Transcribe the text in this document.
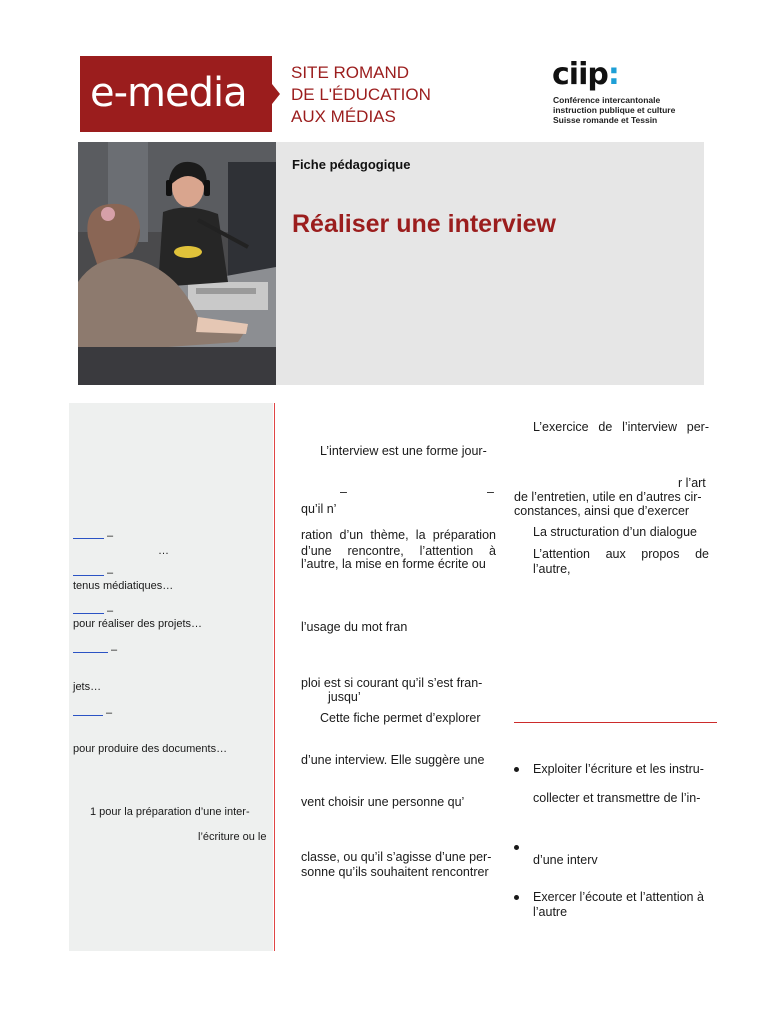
e-media	SITE ROMAND
DE L'ÉDUCATION
AUX MÉDIAS
ciip:
Conférence intercantonale
instruction publique et culture
Suisse romande et Tessin
Fiche pédagogique
Réaliser une interview
–
…
–
tenus médiatiques…
–
pour réaliser des projets…
–
jets…
–
pour produire des documents…
1 pour la préparation d’une inter-
l’écriture ou le
L’interview est une forme jour-
–	–
qu’il n’
ration d’un thème, la préparation
d’une rencontre, l’attention à
l’autre, la mise en forme écrite ou
l’usage du mot fran
ploi est si courant qu’il s’est fran-
jusqu’
Cette fiche permet d’explorer
d’une interview. Elle suggère une
vent choisir une personne qu’
classe, ou qu’il s’agisse d’une per-
sonne qu’ils souhaitent rencontrer
L’exercice de l’interview per-
r l’art
de l’entretien, utile en d’autres cir-
constances, ainsi que d’exercer
La structuration d’un dialogue
L’attention aux propos de
l’autre,
Exploiter l’écriture et les instru-
collecter et transmettre de l’in-
d’une interv
Exercer l’écoute et l’attention à
l’autre
